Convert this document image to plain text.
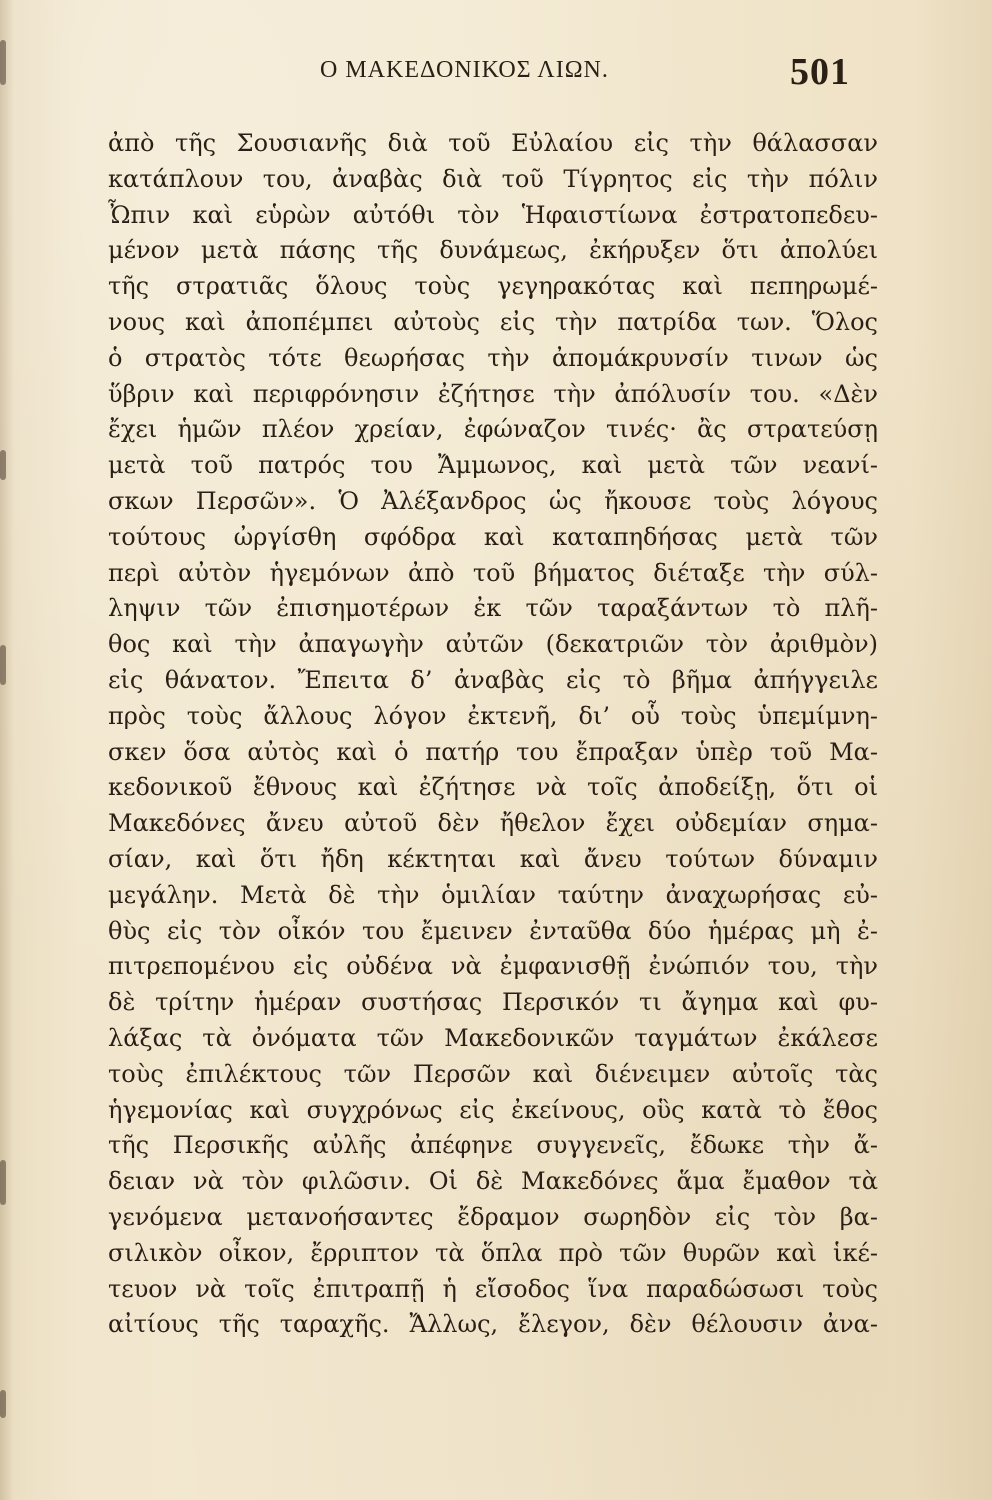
Ο ΜΑΚΕΔΟΝΙΚΟΣ ΛΙΩΝ.	501
ἀπὸ τῆς Σουσιανῆς διὰ τοῦ Εὐλαίου εἰς τὴν θάλασσαν
κατάπλουν του, ἀναβὰς διὰ τοῦ Τίγρητος εἰς τὴν πόλιν
Ὦπιν καὶ εὑρὼν αὐτόθι τὸν Ἡφαιστίωνα ἐστρατοπεδευ-
μένον μετὰ πάσης τῆς δυνάμεως, ἐκήρυξεν ὅτι ἀπολύει
τῆς στρατιᾶς ὅλους τοὺς γεγηρακότας καὶ πεπηρωμέ-
νους καὶ ἀποπέμπει αὐτοὺς εἰς τὴν πατρίδα των. Ὅλος
ὁ στρατὸς τότε θεωρήσας τὴν ἀπομάκρυνσίν τινων ὡς
ὕβριν καὶ περιφρόνησιν ἐζήτησε τὴν ἀπόλυσίν του. «Δὲν
ἔχει ἡμῶν πλέον χρείαν, ἐφώναζον τινές· ἂς στρατεύσῃ
μετὰ τοῦ πατρός του Ἄμμωνος, καὶ μετὰ τῶν νεανί-
σκων Περσῶν». Ὁ Ἀλέξανδρος ὡς ἤκουσε τοὺς λόγους
τούτους ὠργίσθη σφόδρα καὶ καταπηδήσας μετὰ τῶν
περὶ αὐτὸν ἡγεμόνων ἀπὸ τοῦ βήματος διέταξε τὴν σύλ-
ληψιν τῶν ἐπισημοτέρων ἐκ τῶν ταραξάντων τὸ πλῆ-
θος καὶ τὴν ἀπαγωγὴν αὐτῶν (δεκατριῶν τὸν ἀριθμὸν)
εἰς θάνατον. Ἔπειτα δ’ ἀναβὰς εἰς τὸ βῆμα ἀπήγγειλε
πρὸς τοὺς ἄλλους λόγον ἐκτενῆ, δι’ οὗ τοὺς ὑπεμίμνη-
σκεν ὅσα αὐτὸς καὶ ὁ πατήρ του ἔπραξαν ὑπὲρ τοῦ Μα-
κεδονικοῦ ἔθνους καὶ ἐζήτησε νὰ τοῖς ἀποδείξῃ, ὅτι οἱ
Μακεδόνες ἄνευ αὐτοῦ δὲν ἤθελον ἔχει οὐδεμίαν σημα-
σίαν, καὶ ὅτι ἤδη κέκτηται καὶ ἄνευ τούτων δύναμιν
μεγάλην. Μετὰ δὲ τὴν ὁμιλίαν ταύτην ἀναχωρήσας εὐ-
θὺς εἰς τὸν οἶκόν του ἔμεινεν ἐνταῦθα δύο ἡμέρας μὴ ἐ-
πιτρεπομένου εἰς οὐδένα νὰ ἐμφανισθῇ ἐνώπιόν του, τὴν
δὲ τρίτην ἡμέραν συστήσας Περσικόν τι ἄγημα καὶ φυ-
λάξας τὰ ὀνόματα τῶν Μακεδονικῶν ταγμάτων ἐκάλεσε
τοὺς ἐπιλέκτους τῶν Περσῶν καὶ διένειμεν αὐτοῖς τὰς
ἡγεμονίας καὶ συγχρόνως εἰς ἐκείνους, οὓς κατὰ τὸ ἔθος
τῆς Περσικῆς αὐλῆς ἀπέφηνε συγγενεῖς, ἔδωκε τὴν ἄ-
δειαν νὰ τὸν φιλῶσιν. Οἱ δὲ Μακεδόνες ἅμα ἔμαθον τὰ
γενόμενα μετανοήσαντες ἔδραμον σωρηδὸν εἰς τὸν βα-
σιλικὸν οἶκον, ἔρριπτον τὰ ὅπλα πρὸ τῶν θυρῶν καὶ ἱκέ-
τευον νὰ τοῖς ἐπιτραπῇ ἡ εἴσοδος ἵνα παραδώσωσι τοὺς
αἰτίους τῆς ταραχῆς. Ἄλλως, ἔλεγον, δὲν θέλουσιν ἀνα-
